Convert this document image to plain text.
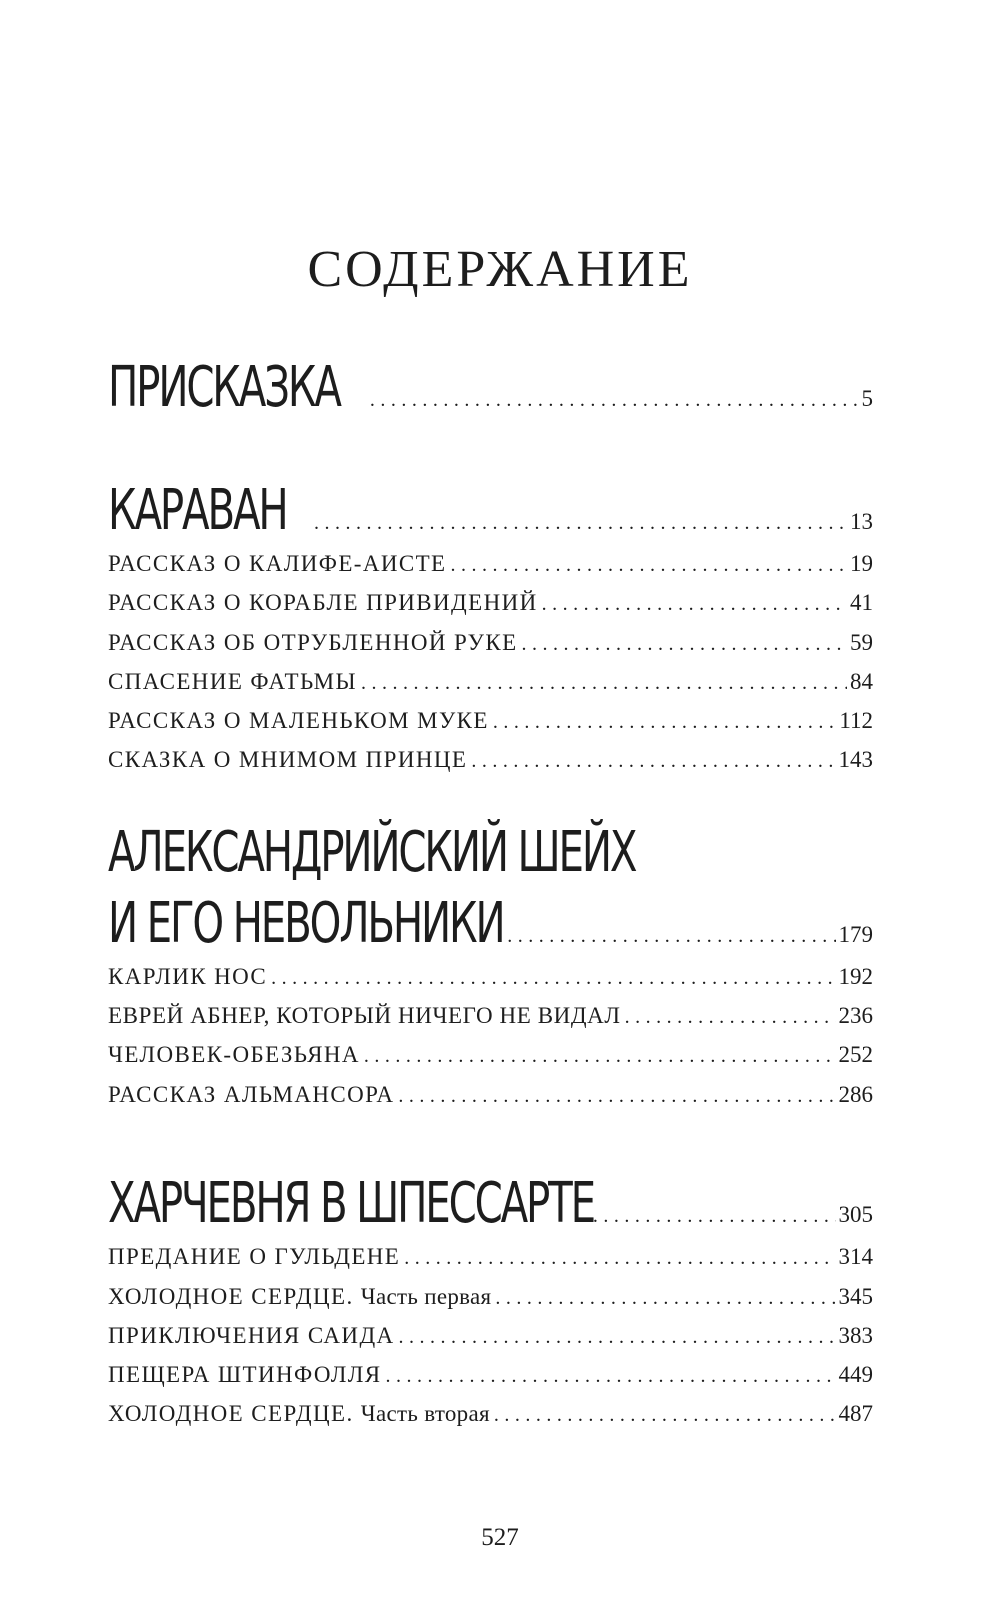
СОДЕРЖАНИЕ
ПРИСКАЗКА .....	5
КАРАВАН .....	13
РАССКАЗ О КАЛИФЕ-АИСТЕ .....	19
РАССКАЗ О КОРАБЛЕ ПРИВИДЕНИЙ .....	41
РАССКАЗ ОБ ОТРУБЛЕННОЙ РУКЕ .....	59
СПАСЕНИЕ ФАТЬМЫ .....	84
РАССКАЗ О МАЛЕНЬКОМ МУКЕ .....	112
СКАЗКА О МНИМОМ ПРИНЦЕ .....	143
АЛЕКСАНДРИЙСКИЙ ШЕЙХ
И ЕГО НЕВОЛЬНИКИ .....	179
КАРЛИК НОС .....	192
ЕВРЕЙ АБНЕР, КОТОРЫЙ НИЧЕГО НЕ ВИДАЛ .....	236
ЧЕЛОВЕК-ОБЕЗЬЯНА .....	252
РАССКАЗ АЛЬМАНСОРА .....	286
ХАРЧЕВНЯ В ШПЕССАРТЕ .....	305
ПРЕДАНИЕ О ГУЛЬДЕНЕ .....	314
ХОЛОДНОЕ СЕРДЦЕ. Часть первая .....	345
ПРИКЛЮЧЕНИЯ САИДА .....	383
ПЕЩЕРА ШТИНФОЛЛЯ .....	449
ХОЛОДНОЕ СЕРДЦЕ. Часть вторая .....	487
527
